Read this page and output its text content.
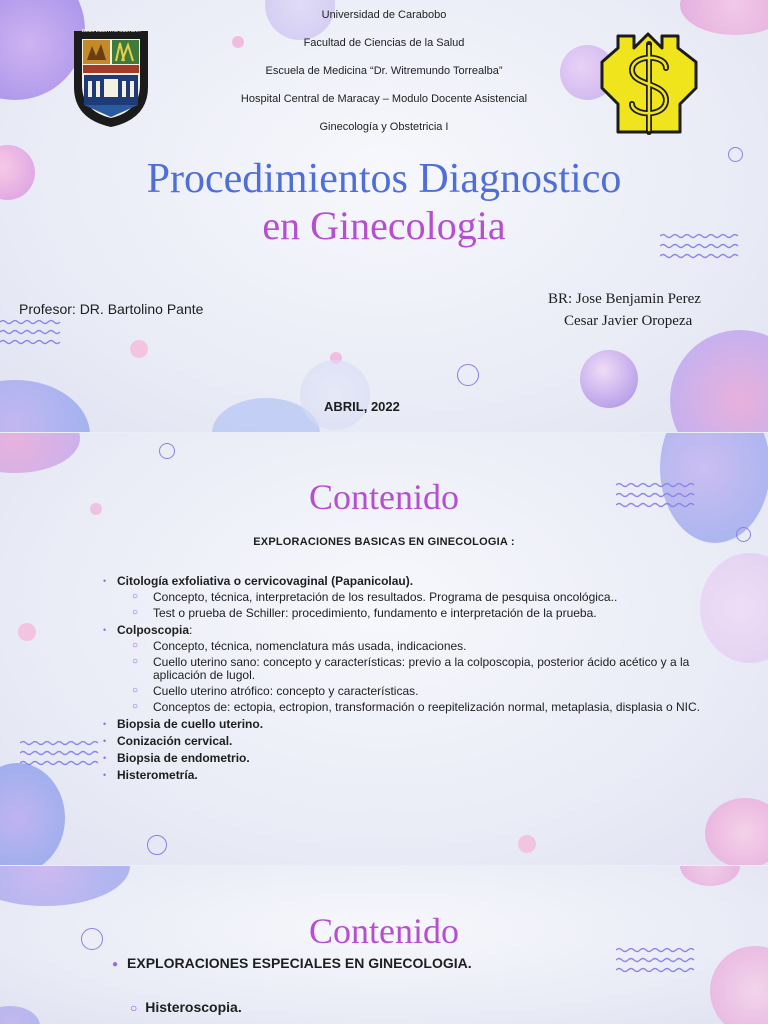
DEUS LIBERTAS CULTURA
Universidad de Carabobo
Facultad de Ciencias de la Salud
Escuela de Medicina “Dr. Witremundo Torrealba”
Hospital Central de Maracay – Modulo Docente Asistencial
Ginecología y Obstetricia I
Procedimientos Diagnostico
en Ginecologia
Profesor: DR. Bartolino Pante
BR: Jose Benjamin Perez
Cesar Javier Oropeza
ABRIL, 2022
Contenido
EXPLORACIONES BASICAS EN GINECOLOGIA :
• Citología exfoliativa o cervicovaginal (Papanicolau).
○ Concepto, técnica, interpretación de los resultados. Programa de pesquisa oncológica..
○ Test o prueba de Schiller: procedimiento, fundamento e interpretación de la prueba.
• Colposcopia:
○ Concepto, técnica, nomenclatura más usada, indicaciones.
○ Cuello uterino sano: concepto y características: previo a la colposcopia, posterior ácido acético y a la aplicación de lugol.
○ Cuello uterino atrófico: concepto y características.
○ Conceptos de: ectopia, ectropion, transformación o reepitelización normal, metaplasia, displasia o NIC.
• Biopsia de cuello uterino.
• Conización cervical.
• Biopsia de endometrio.
• Histerometría.
Contenido
● EXPLORACIONES ESPECIALES EN GINECOLOGIA.
○ Histeroscopia.
